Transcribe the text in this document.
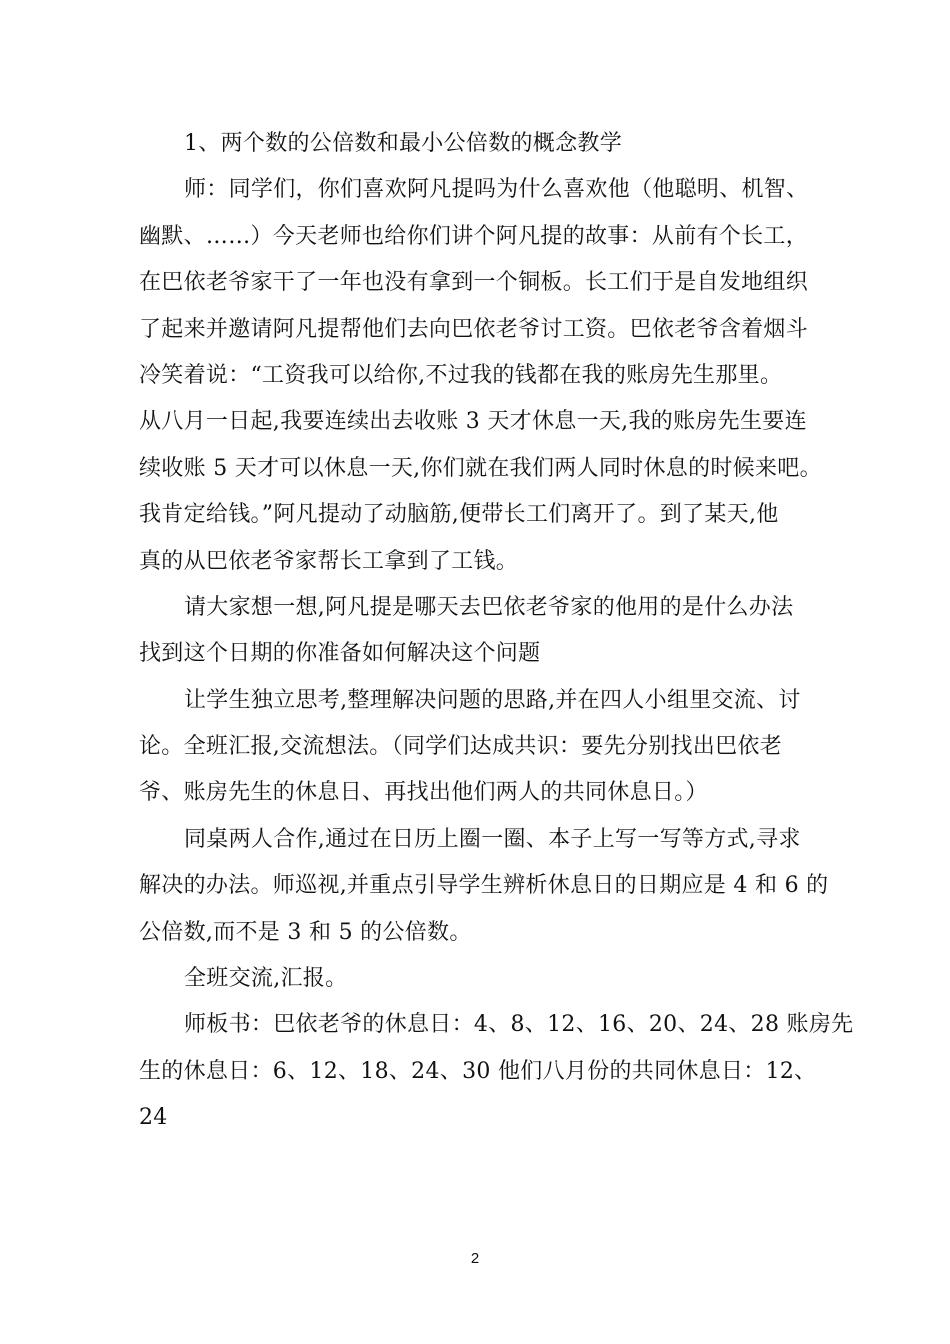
1、两个数的公倍数和最小公倍数的概念教学
师：同学们，你们喜欢阿凡提吗为什么喜欢他（他聪明、机智、
幽默、……）今天老师也给你们讲个阿凡提的故事：从前有个长工，
在巴依老爷家干了一年也没有拿到一个铜板。长工们于是自发地组织
了起来并邀请阿凡提帮他们去向巴依老爷讨工资。巴依老爷含着烟斗
冷笑着说：“工资我可以给你,不过我的钱都在我的账房先生那里。
从八月一日起,我要连续出去收账 3 天才休息一天,我的账房先生要连
续收账 5 天才可以休息一天,你们就在我们两人同时休息的时候来吧。
我肯定给钱。”阿凡提动了动脑筋,便带长工们离开了。到了某天,他
真的从巴依老爷家帮长工拿到了工钱。
请大家想一想,阿凡提是哪天去巴依老爷家的他用的是什么办法
找到这个日期的你准备如何解决这个问题
让学生独立思考,整理解决问题的思路,并在四人小组里交流、讨
论。全班汇报,交流想法。（同学们达成共识：要先分别找出巴依老
爷、账房先生的休息日、再找出他们两人的共同休息日。）
同桌两人合作,通过在日历上圈一圈、本子上写一写等方式,寻求
解决的办法。师巡视,并重点引导学生辨析休息日的日期应是 4 和 6 的
公倍数,而不是 3 和 5 的公倍数。
全班交流,汇报。
师板书：巴依老爷的休息日：4、8、12、16、20、24、28 账房先
生的休息日：6、12、18、24、30 他们八月份的共同休息日：12、
24
2
